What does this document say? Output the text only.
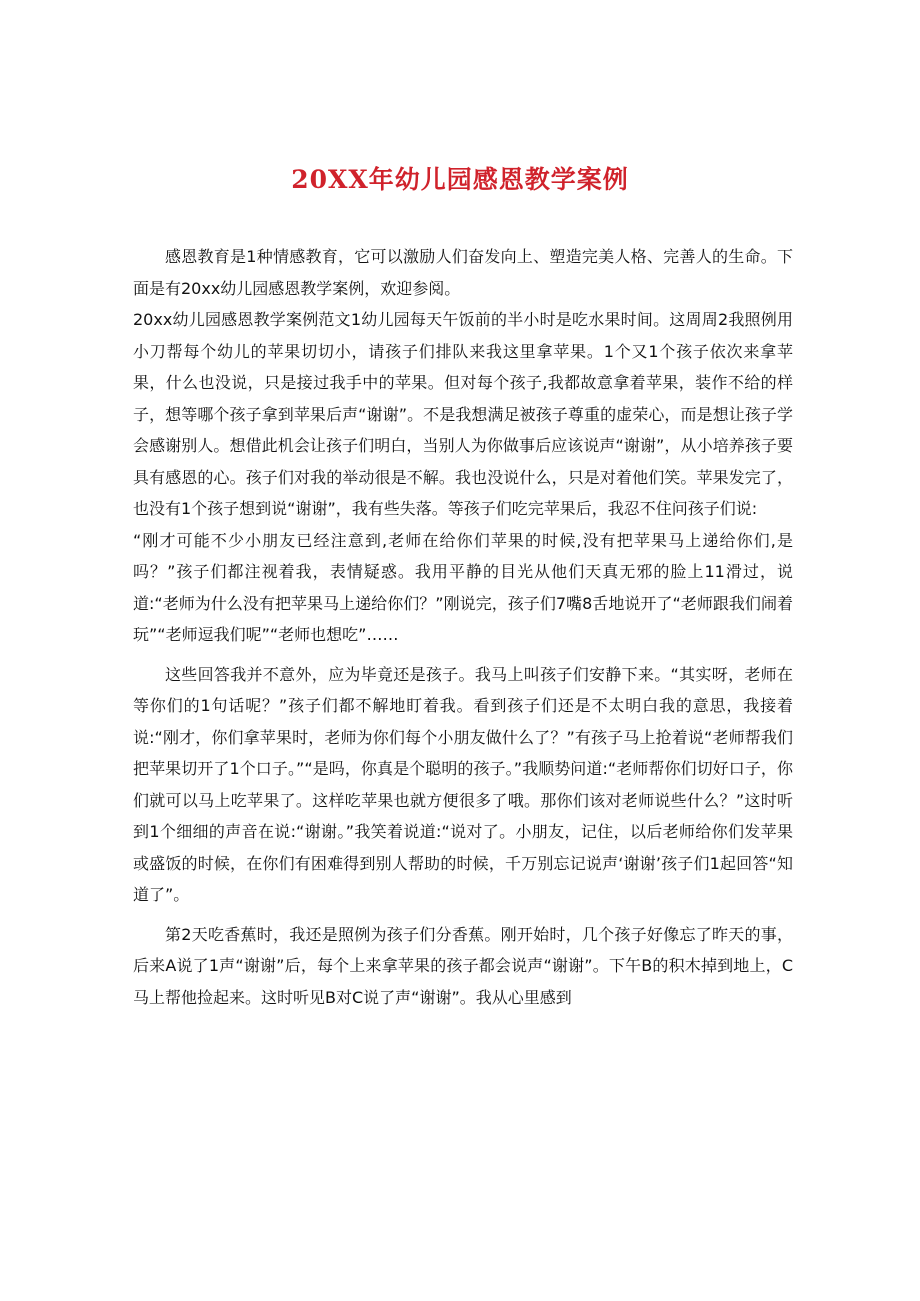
20XX年幼儿园感恩教学案例

感恩教育是1种情感教育，它可以激励人们奋发向上、塑造完美人格、完善人的生命。下面是有20xx幼儿园感恩教学案例，欢迎参阅。

20xx幼儿园感恩教学案例范文1幼儿园每天午饭前的半小时是吃水果时间。这周周2我照例用小刀帮每个幼儿的苹果切切小，请孩子们排队来我这里拿苹果。1个又1个孩子依次来拿苹果，什么也没说，只是接过我手中的苹果。但对每个孩子,我都故意拿着苹果，装作不给的样子，想等哪个孩子拿到苹果后声“谢谢”。不是我想满足被孩子尊重的虚荣心，而是想让孩子学会感谢别人。想借此机会让孩子们明白，当别人为你做事后应该说声“谢谢”，从小培养孩子要具有感恩的心。孩子们对我的举动很是不解。我也没说什么，只是对着他们笑。苹果发完了，也没有1个孩子想到说“谢谢”，我有些失落。等孩子们吃完苹果后，我忍不住问孩子们说:

“刚才可能不少小朋友已经注意到,老师在给你们苹果的时候,没有把苹果马上递给你们,是吗？”孩子们都注视着我，表情疑惑。我用平静的目光从他们天真无邪的脸上11滑过，说道:“老师为什么没有把苹果马上递给你们？”刚说完，孩子们7嘴8舌地说开了“老师跟我们闹着玩”“老师逗我们呢”“老师也想吃”……

这些回答我并不意外，应为毕竟还是孩子。我马上叫孩子们安静下来。“其实呀，老师在等你们的1句话呢？”孩子们都不解地盯着我。看到孩子们还是不太明白我的意思，我接着说:“刚才，你们拿苹果时，老师为你们每个小朋友做什么了？”有孩子马上抢着说“老师帮我们把苹果切开了1个口子。”“是吗，你真是个聪明的孩子。”我顺势问道:“老师帮你们切好口子，你们就可以马上吃苹果了。这样吃苹果也就方便很多了哦。那你们该对老师说些什么？”这时听到1个细细的声音在说:“谢谢。”我笑着说道:“说对了。小朋友，记住，以后老师给你们发苹果或盛饭的时候，在你们有困难得到别人帮助的时候，千万别忘记说声‘谢谢’孩子们1起回答“知道了”。

第2天吃香蕉时，我还是照例为孩子们分香蕉。刚开始时，几个孩子好像忘了昨天的事，后来A说了1声“谢谢”后，每个上来拿苹果的孩子都会说声“谢谢”。下午B的积木掉到地上，C马上帮他捡起来。这时听见B对C说了声“谢谢”。我从心里感到
